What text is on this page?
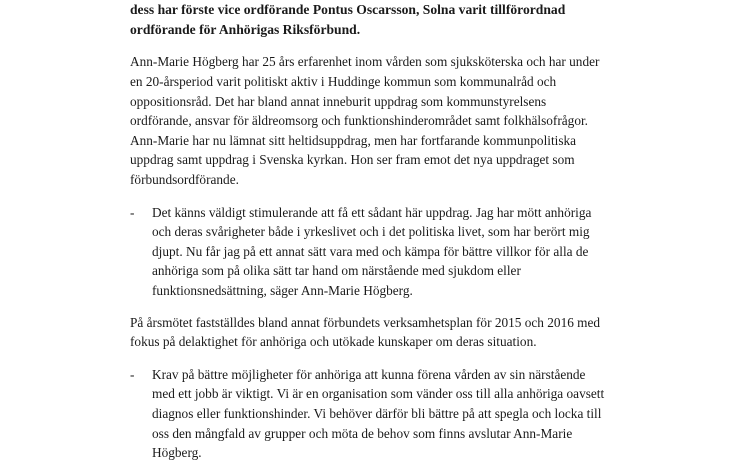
dess har förste vice ordförande Pontus Oscarsson, Solna varit tillförordnad
ordförande för Anhörigas Riksförbund.

Ann-Marie Högberg har 25 års erfarenhet inom vården som sjuksköterska och har under
en 20-årsperiod varit politiskt aktiv i Huddinge kommun som kommunalråd och
oppositionsråd. Det har bland annat inneburit uppdrag som kommunstyrelsens
ordförande, ansvar för äldreomsorg och funktionshinderområdet samt folkhälsofrågor.
Ann-Marie har nu lämnat sitt heltidsuppdrag, men har fortfarande kommunpolitiska
uppdrag samt uppdrag i Svenska kyrkan. Hon ser fram emot det nya uppdraget som
förbundsordförande.

-	Det känns väldigt stimulerande att få ett sådant här uppdrag. Jag har mött anhöriga
och deras svårigheter både i yrkeslivet och i det politiska livet, som har berört mig
djupt. Nu får jag på ett annat sätt vara med och kämpa för bättre villkor för alla de
anhöriga som på olika sätt tar hand om närstående med sjukdom eller
funktionsnedsättning, säger Ann-Marie Högberg.

På årsmötet fastställdes bland annat förbundets verksamhetsplan för 2015 och 2016 med
fokus på delaktighet för anhöriga och utökade kunskaper om deras situation.

-	Krav på bättre möjligheter för anhöriga att kunna förena vården av sin närstående
med ett jobb är viktigt. Vi är en organisation som vänder oss till alla anhöriga oavsett
diagnos eller funktionshinder. Vi behöver därför bli bättre på att spegla och locka till
oss den mångfald av grupper och möta de behov som finns avslutar Ann-Marie
Högberg.
